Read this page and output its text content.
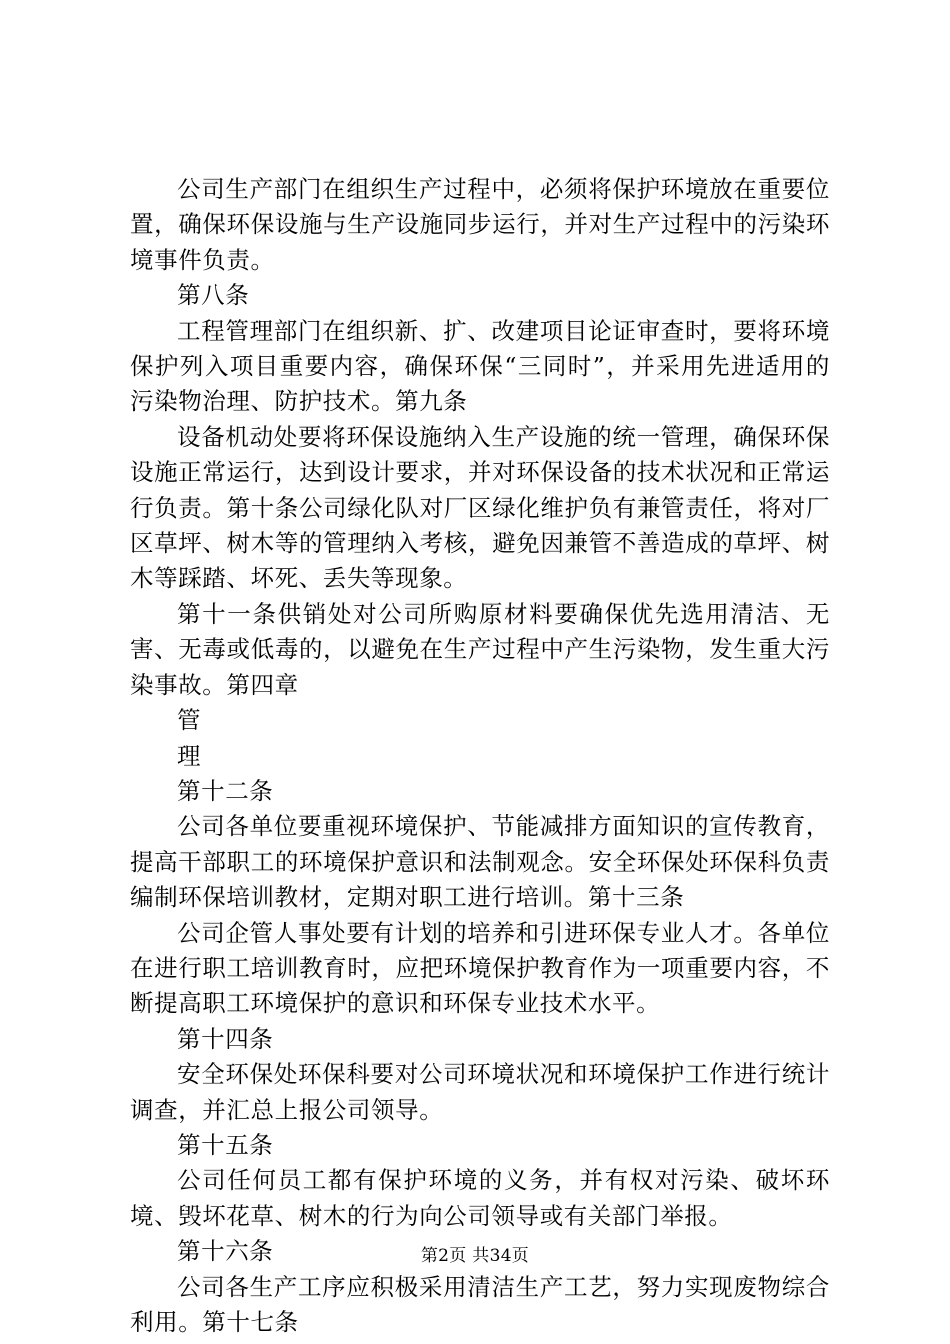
公司生产部门在组织生产过程中，必须将保护环境放在重要位置，确保环保设施与生产设施同步运行，并对生产过程中的污染环境事件负责。

第八条

工程管理部门在组织新、扩、改建项目论证审查时，要将环境保护列入项目重要内容，确保环保“三同时”，并采用先进适用的污染物治理、防护技术。第九条

设备机动处要将环保设施纳入生产设施的统一管理，确保环保设施正常运行，达到设计要求，并对环保设备的技术状况和正常运行负责。第十条公司绿化队对厂区绿化维护负有兼管责任，将对厂区草坪、树木等的管理纳入考核，避免因兼管不善造成的草坪、树木等踩踏、坏死、丢失等现象。

第十一条供销处对公司所购原材料要确保优先选用清洁、无害、无毒或低毒的，以避免在生产过程中产生污染物，发生重大污染事故。第四章

管

理

第十二条

公司各单位要重视环境保护、节能减排方面知识的宣传教育，提高干部职工的环境保护意识和法制观念。安全环保处环保科负责编制环保培训教材，定期对职工进行培训。第十三条

公司企管人事处要有计划的培养和引进环保专业人才。各单位在进行职工培训教育时，应把环境保护教育作为一项重要内容，不断提高职工环境保护的意识和环保专业技术水平。

第十四条

安全环保处环保科要对公司环境状况和环境保护工作进行统计调查，并汇总上报公司领导。

第十五条

公司任何员工都有保护环境的义务，并有权对污染、破坏环境、毁坏花草、树木的行为向公司领导或有关部门举报。

第十六条

公司各生产工序应积极采用清洁生产工艺，努力实现废物综合利用。第十七条

第2页 共34页
